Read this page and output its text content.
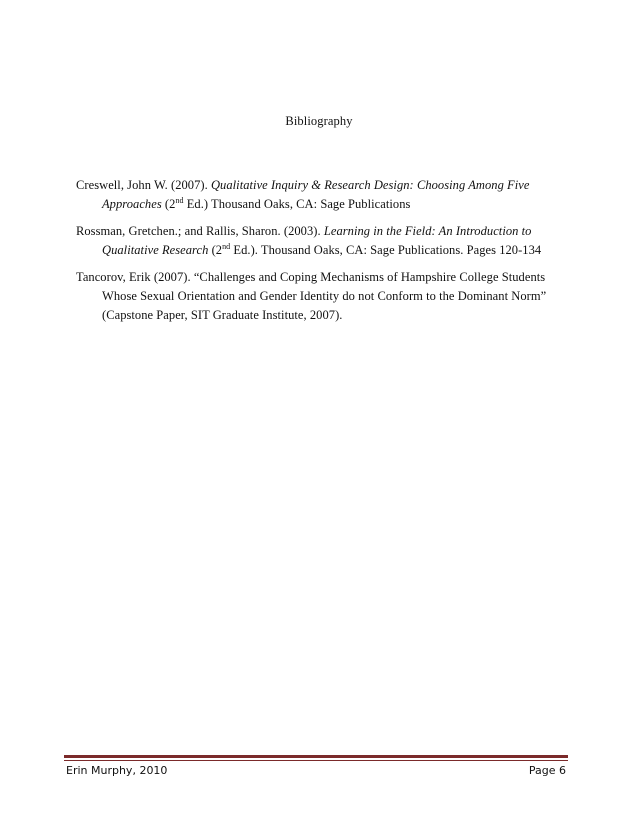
Bibliography
Creswell, John W. (2007). Qualitative Inquiry & Research Design: Choosing Among Five Approaches (2nd Ed.) Thousand Oaks, CA: Sage Publications
Rossman, Gretchen.; and Rallis, Sharon. (2003). Learning in the Field: An Introduction to Qualitative Research (2nd Ed.). Thousand Oaks, CA: Sage Publications. Pages 120-134
Tancorov, Erik (2007). “Challenges and Coping Mechanisms of Hampshire College Students Whose Sexual Orientation and Gender Identity do not Conform to the Dominant Norm” (Capstone Paper, SIT Graduate Institute, 2007).
Erin Murphy, 2010	Page 6
